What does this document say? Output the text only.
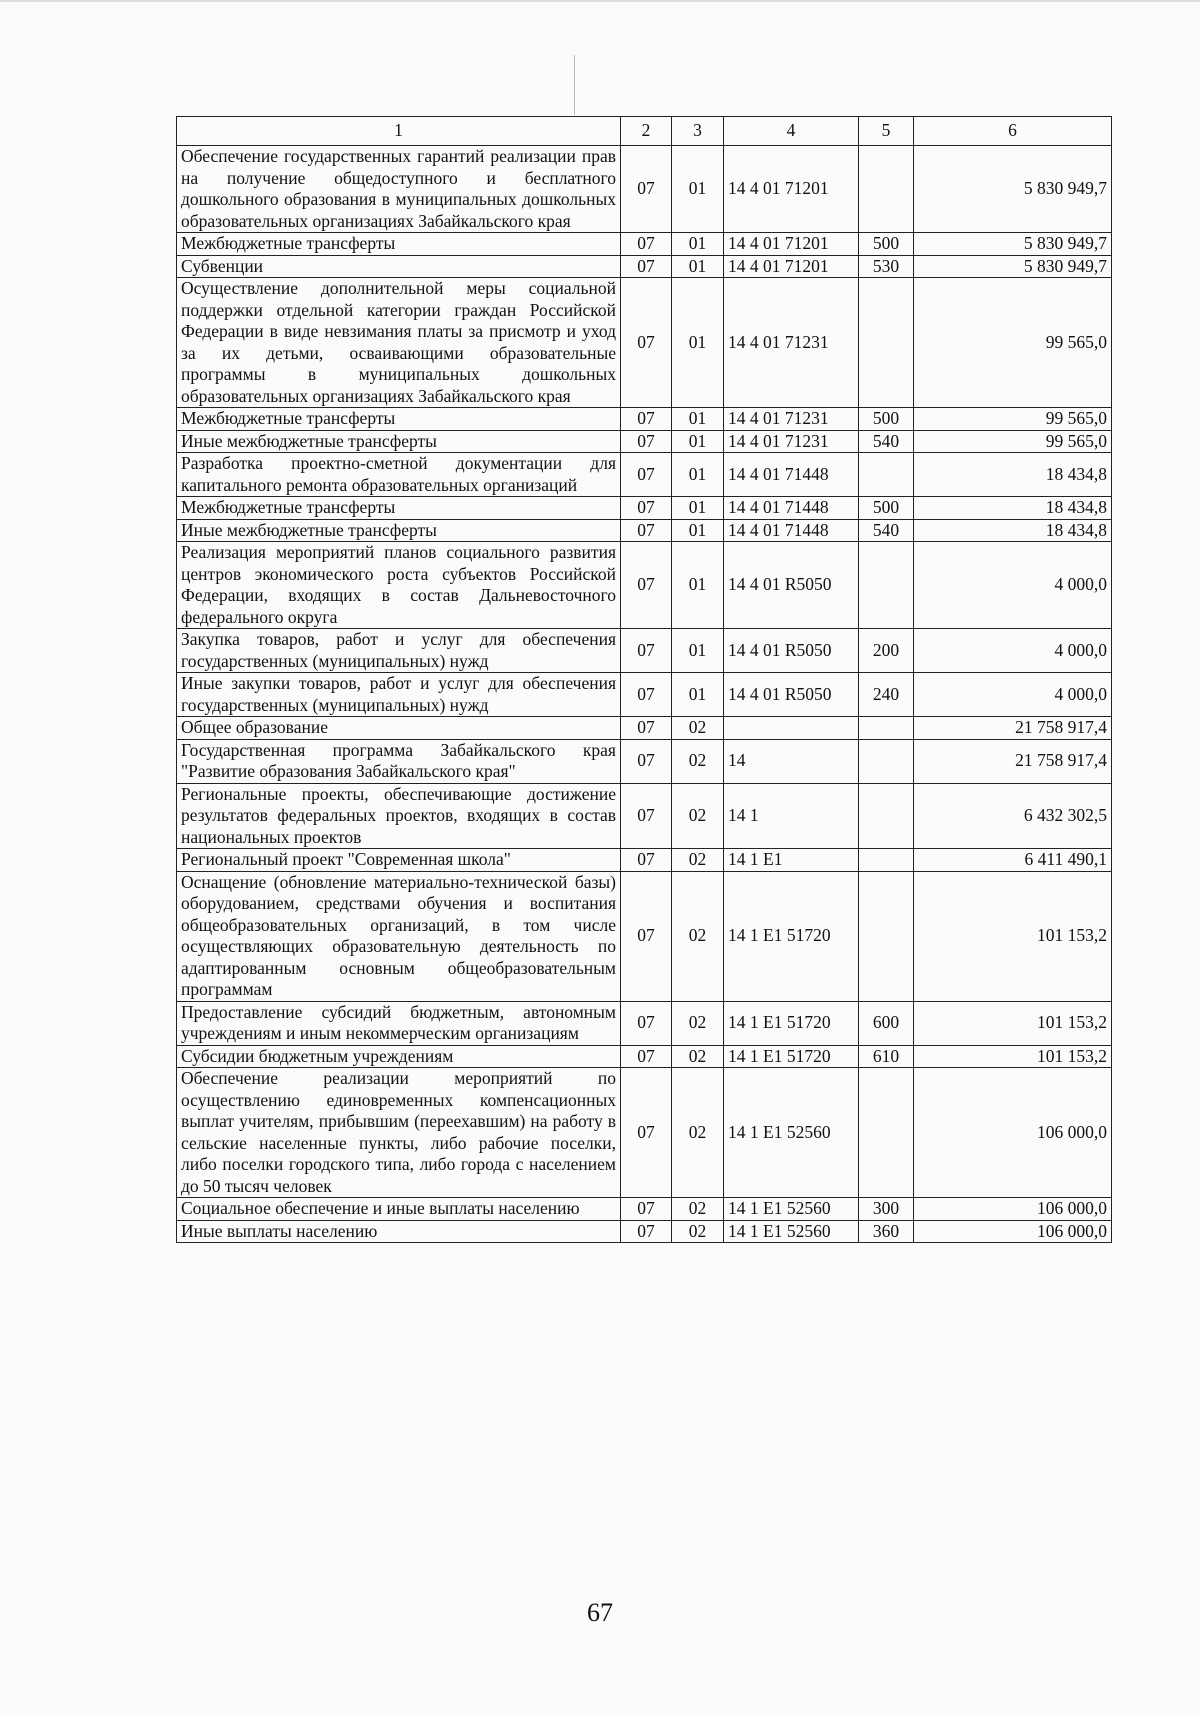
1	2	3	4	5	6
Обеспечение государственных гарантий реализации прав на получение общедоступного и бесплатного дошкольного образования в муниципальных дошкольных образовательных организациях Забайкальского края	07	01	14 4 01 71201		5 830 949,7
Межбюджетные трансферты	07	01	14 4 01 71201	500	5 830 949,7
Субвенции	07	01	14 4 01 71201	530	5 830 949,7
Осуществление дополнительной меры социальной поддержки отдельной категории граждан Российской Федерации в виде невзимания платы за присмотр и уход за их детьми, осваивающими образовательные программы в муниципальных дошкольных образовательных организациях Забайкальского края	07	01	14 4 01 71231		99 565,0
Межбюджетные трансферты	07	01	14 4 01 71231	500	99 565,0
Иные межбюджетные трансферты	07	01	14 4 01 71231	540	99 565,0
Разработка проектно-сметной документации для капитального ремонта образовательных организаций	07	01	14 4 01 71448		18 434,8
Межбюджетные трансферты	07	01	14 4 01 71448	500	18 434,8
Иные межбюджетные трансферты	07	01	14 4 01 71448	540	18 434,8
Реализация мероприятий планов социального развития центров экономического роста субъектов Российской Федерации, входящих в состав Дальневосточного федерального округа	07	01	14 4 01 R5050		4 000,0
Закупка товаров, работ и услуг для обеспечения государственных (муниципальных) нужд	07	01	14 4 01 R5050	200	4 000,0
Иные закупки товаров, работ и услуг для обеспечения государственных (муниципальных) нужд	07	01	14 4 01 R5050	240	4 000,0
Общее образование	07	02			21 758 917,4
Государственная программа Забайкальского края "Развитие образования Забайкальского края"	07	02	14		21 758 917,4
Региональные проекты, обеспечивающие достижение результатов федеральных проектов, входящих в состав национальных проектов	07	02	14 1		6 432 302,5
Региональный проект "Современная школа"	07	02	14 1 E1		6 411 490,1
Оснащение (обновление материально-технической базы) оборудованием, средствами обучения и воспитания общеобразовательных организаций, в том числе осуществляющих образовательную деятельность по адаптированным основным общеобразовательным программам	07	02	14 1 E1 51720		101 153,2
Предоставление субсидий бюджетным, автономным учреждениям и иным некоммерческим организациям	07	02	14 1 E1 51720	600	101 153,2
Субсидии бюджетным учреждениям	07	02	14 1 E1 51720	610	101 153,2
Обеспечение реализации мероприятий по осуществлению единовременных компенсационных выплат учителям, прибывшим (переехавшим) на работу в сельские населенные пункты, либо рабочие поселки, либо поселки городского типа, либо города с населением до 50 тысяч человек	07	02	14 1 E1 52560		106 000,0
Социальное обеспечение и иные выплаты населению	07	02	14 1 E1 52560	300	106 000,0
Иные выплаты населению	07	02	14 1 E1 52560	360	106 000,0
67
